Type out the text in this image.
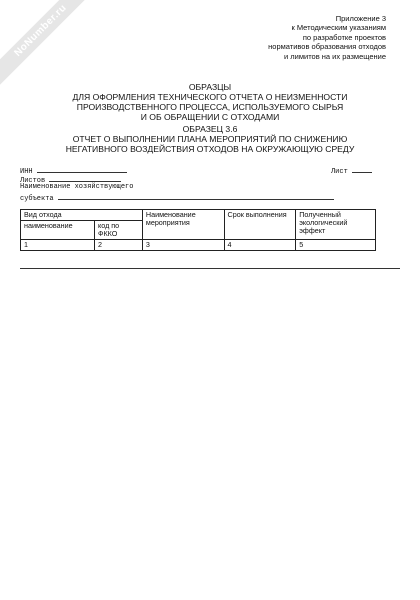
NoNumber.ru	Приложение 3
к Методическим указаниям
по разработке проектов
нормативов образования отходов
и лимитов на их размещение
ОБРАЗЦЫ
ДЛЯ ОФОРМЛЕНИЯ ТЕХНИЧЕСКОГО ОТЧЕТА О НЕИЗМЕННОСТИ
ПРОИЗВОДСТВЕННОГО ПРОЦЕССА, ИСПОЛЬЗУЕМОГО СЫРЬЯ
И ОБ ОБРАЩЕНИИ С ОТХОДАМИ
ОБРАЗЕЦ 3.6
ОТЧЕТ О ВЫПОЛНЕНИИ ПЛАНА МЕРОПРИЯТИЙ ПО СНИЖЕНИЮ
НЕГАТИВНОГО ВОЗДЕЙСТВИЯ ОТХОДОВ НА ОКРУЖАЮЩУЮ СРЕДУ
ИНН	Лист
Листов
Наименование хозяйствующего
субъекта
Вид отхода		Наименование мероприятия	Срок выполнения	Полученный экологический эффект
наименование	код по ФККО			
1	2	3	4	5
